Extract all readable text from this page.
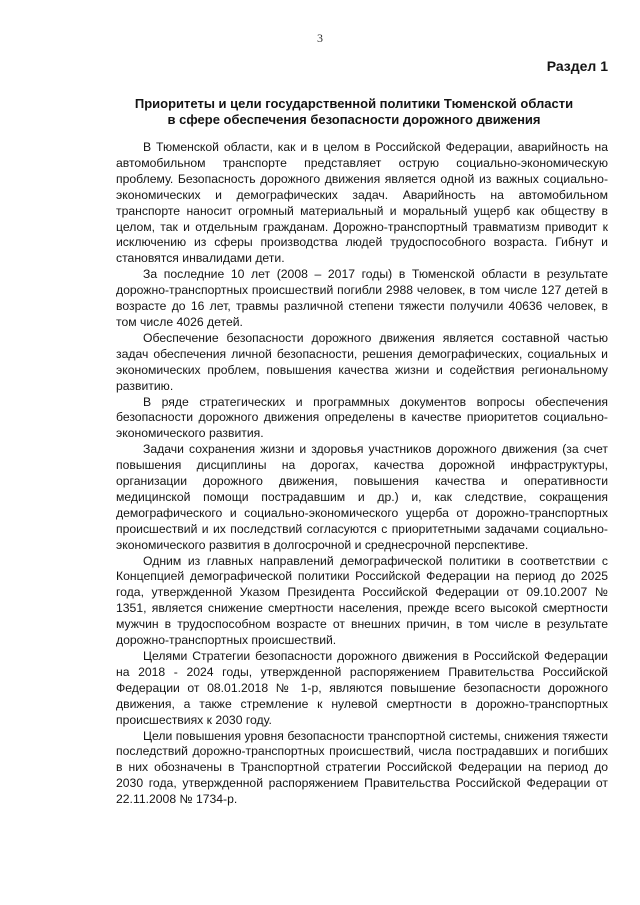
3
Раздел 1
Приоритеты и цели государственной политики Тюменской области
в сфере обеспечения безопасности дорожного движения

В Тюменской области, как и в целом в Российской Федерации, аварийность на автомобильном транспорте представляет острую социально-экономическую проблему. Безопасность дорожного движения является одной из важных социально-экономических и демографических задач. Аварийность на автомобильном транспорте наносит огромный материальный и моральный ущерб как обществу в целом, так и отдельным гражданам. Дорожно-транспортный травматизм приводит к исключению из сферы производства людей трудоспособного возраста. Гибнут и становятся инвалидами дети.

За последние 10 лет (2008 – 2017 годы) в Тюменской области в результате дорожно-транспортных происшествий погибли 2988 человек, в том числе 127 детей в возрасте до 16 лет, травмы различной степени тяжести получили 40636 человек, в том числе 4026 детей.

Обеспечение безопасности дорожного движения является составной частью задач обеспечения личной безопасности, решения демографических, социальных и экономических проблем, повышения качества жизни и содействия региональному развитию.

В ряде стратегических и программных документов вопросы обеспечения безопасности дорожного движения определены в качестве приоритетов социально-экономического развития.

Задачи сохранения жизни и здоровья участников дорожного движения (за счет повышения дисциплины на дорогах, качества дорожной инфраструктуры, организации дорожного движения, повышения качества и оперативности медицинской помощи пострадавшим и др.) и, как следствие, сокращения демографического и социально-экономического ущерба от дорожно-транспортных происшествий и их последствий согласуются с приоритетными задачами социально-экономического развития в долгосрочной и среднесрочной перспективе.

Одним из главных направлений демографической политики в соответствии с Концепцией демографической политики Российской Федерации на период до 2025 года, утвержденной Указом Президента Российской Федерации от 09.10.2007 № 1351, является снижение смертности населения, прежде всего высокой смертности мужчин в трудоспособном возрасте от внешних причин, в том числе в результате дорожно-транспортных происшествий.

Целями Стратегии безопасности дорожного движения в Российской Федерации на 2018 - 2024 годы, утвержденной распоряжением Правительства Российской Федерации от 08.01.2018 № 1-р, являются повышение безопасности дорожного движения, а также стремление к нулевой смертности в дорожно-транспортных происшествиях к 2030 году.

Цели повышения уровня безопасности транспортной системы, снижения тяжести последствий дорожно-транспортных происшествий, числа пострадавших и погибших в них обозначены в Транспортной стратегии Российской Федерации на период до 2030 года, утвержденной распоряжением Правительства Российской Федерации от 22.11.2008 № 1734-р.
